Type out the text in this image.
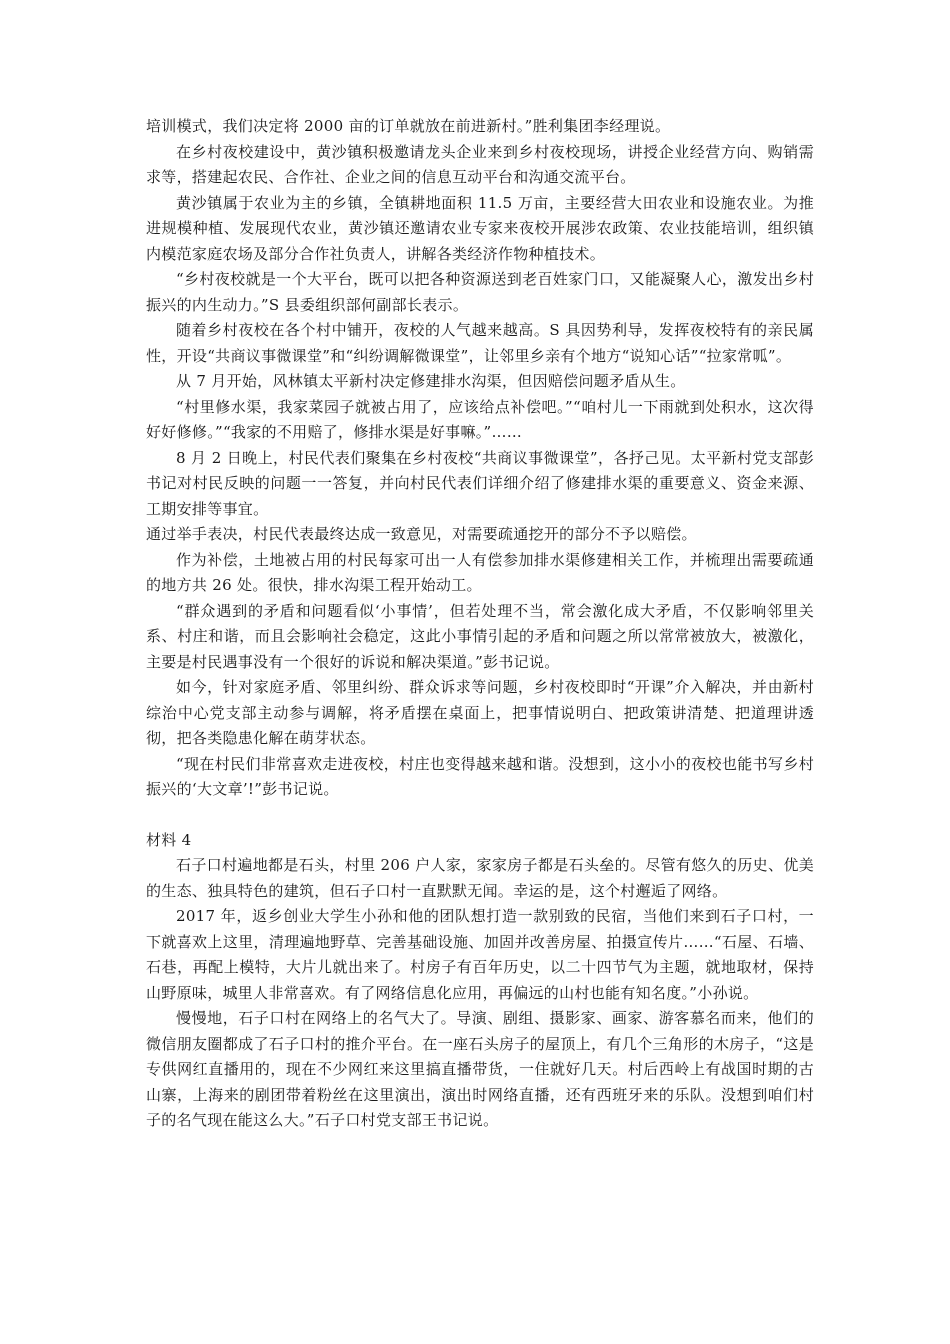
培训模式，我们决定将 2000 亩的订单就放在前进新村。”胜利集团李经理说。

在乡村夜校建设中，黄沙镇积极邀请龙头企业来到乡村夜校现场，讲授企业经营方向、购销需求等，搭建起农民、合作社、企业之间的信息互动平台和沟通交流平台。

黄沙镇属于农业为主的乡镇，全镇耕地面积 11.5 万亩，主要经营大田农业和设施农业。为推进规模种植、发展现代农业，黄沙镇还邀请农业专家来夜校开展涉农政策、农业技能培训，组织镇内模范家庭农场及部分合作社负责人，讲解各类经济作物种植技术。

“乡村夜校就是一个大平台，既可以把各种资源送到老百姓家门口，又能凝聚人心，激发出乡村振兴的内生动力。”S 县委组织部何副部长表示。

随着乡村夜校在各个村中铺开，夜校的人气越来越高。S 具因势利导，发挥夜校特有的亲民属性，开设“共商议事微课堂”和“纠纷调解微课堂”，让邻里乡亲有个地方“说知心话”“拉家常呱”。

从 7 月开始，风林镇太平新村决定修建排水沟渠，但因赔偿问题矛盾从生。

“村里修水渠，我家菜园子就被占用了，应该给点补偿吧。”“咱村儿一下雨就到处积水，这次得好好修修。”“我家的不用赔了，修排水渠是好事嘛。”……

8 月 2 日晚上，村民代表们聚集在乡村夜校“共商议事微课堂”，各抒己见。太平新村党支部彭书记对村民反映的问题一一答复，并向村民代表们详细介绍了修建排水渠的重要意义、资金来源、工期安排等事宜。

通过举手表决，村民代表最终达成一致意见，对需要疏通挖开的部分不予以赔偿。

作为补偿，土地被占用的村民每家可出一人有偿参加排水渠修建相关工作，并梳理出需要疏通的地方共 26 处。很快，排水沟渠工程开始动工。

“群众遇到的矛盾和问题看似‘小事情’，但若处理不当，常会激化成大矛盾，不仅影响邻里关系、村庄和谐，而且会影响社会稳定，这此小事情引起的矛盾和问题之所以常常被放大，被激化，主要是村民遇事没有一个很好的诉说和解决渠道。”彭书记说。

如今，针对家庭矛盾、邻里纠纷、群众诉求等问题，乡村夜校即时“开课”介入解决，并由新村综治中心党支部主动参与调解，将矛盾摆在桌面上，把事情说明白、把政策讲清楚、把道理讲透彻，把各类隐患化解在萌芽状态。

“现在村民们非常喜欢走进夜校，村庄也变得越来越和谐。没想到，这小小的夜校也能书写乡村振兴的‘大文章’!”彭书记说。

材料 4

石子口村遍地都是石头，村里 206 户人家，家家房子都是石头垒的。尽管有悠久的历史、优美的生态、独具特色的建筑，但石子口村一直默默无闻。幸运的是，这个村邂逅了网络。

2017 年，返乡创业大学生小孙和他的团队想打造一款别致的民宿，当他们来到石子口村，一下就喜欢上这里，清理遍地野草、完善基础设施、加固并改善房屋、拍摄宣传片……“石屋、石墙、石巷，再配上模特，大片儿就出来了。村房子有百年历史，以二十四节气为主题，就地取材，保持山野原味，城里人非常喜欢。有了网络信息化应用，再偏远的山村也能有知名度。”小孙说。

慢慢地，石子口村在网络上的名气大了。导演、剧组、摄影家、画家、游客慕名而来，他们的微信朋友圈都成了石子口村的推介平台。在一座石头房子的屋顶上，有几个三角形的木房子，“这是专供网红直播用的，现在不少网红来这里搞直播带货，一住就好几天。村后西岭上有战国时期的古山寨，上海来的剧团带着粉丝在这里演出，演出时网络直播，还有西班牙来的乐队。没想到咱们村子的名气现在能这么大。”石子口村党支部王书记说。
